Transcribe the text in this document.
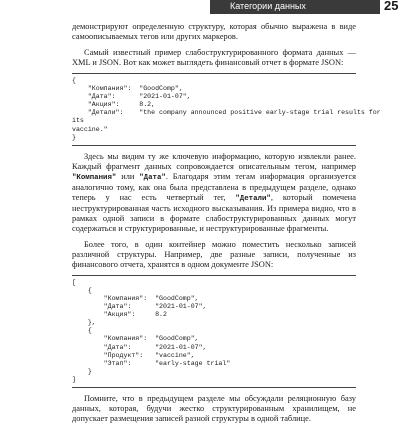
Категории данных	25

демонстрируют определенную структуру, которая обычно выражена в виде самоописываемых тегов или других маркеров.

Самый известный пример слабоструктурированного формата данных — XML и JSON. Вот как может выглядеть финансовый отчет в формате JSON:

{
"Компания":  "GoodComp",
"Дата":      "2021-01-07",
"Акция":     8.2,
"Детали":    "the company announced positive early-stage trial results for
its
vaccine."
}

Здесь мы видим ту же ключевую информацию, которую извлекли ранее. Каждый фрагмент данных сопровождается описательным тегом, например "Компания" или "Дата". Благодаря этим тегам информация организуется аналогично тому, как она была представлена в предыдущем разделе, однако теперь у нас есть четвертый тег, "Детали", который помечена неструктурированная часть исходного высказывания. Из примера видно, что в рамках одной записи в формате слабоструктурированных данных могут содержаться и структурированные, и неструктурированные фрагменты.

Более того, в один контейнер можно поместить несколько записей различной структуры. Например, две разные записи, полученные из финансового отчета, хранятся в одном документе JSON:

[
{
"Компания":  "GoodComp",
"Дата":      "2021-01-07",
"Акция":     8.2
},
{
"Компания":  "GoodComp",
"Дата":      "2021-01-07",
"Продукт":   "vaccine",
"Этап":      "early-stage trial"
}
]

Помните, что в предыдущем разделе мы обсуждали реляционную базу данных, которая, будучи жестко структурированным хранилищем, не допускает размещения записей разной структуры в одной таблице.
